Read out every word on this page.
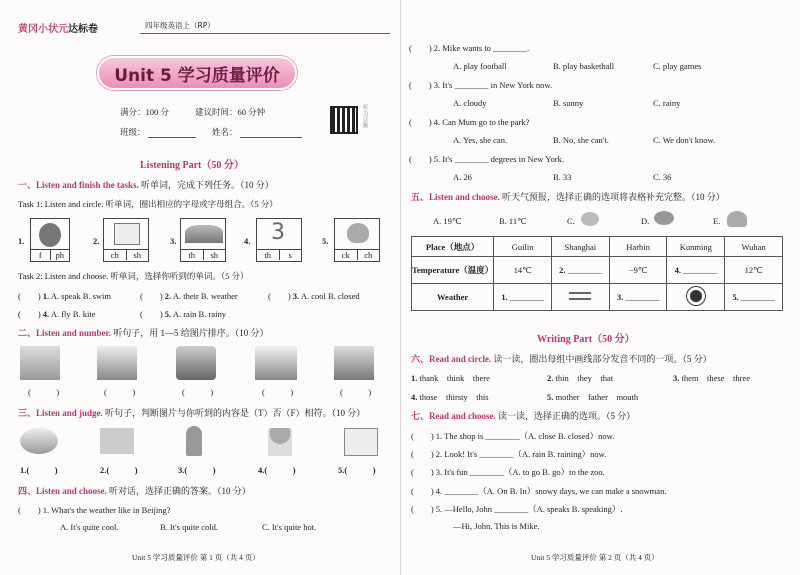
黄冈小状元 达标卷	四年级英语上（RP）
Unit 5 学习质量评价
满分：100 分	建议时间：60 分钟
班级：	姓名：
听力音频
Listening Part（50 分）
一、Listen and finish the tasks. 听单词，完成下列任务。（10 分）
Task 1: Listen and circle. 听单词，圈出相应的字母或字母组合。（5 分）
1.
f	ph
2.
ch	sh
3.
th	sh
4. 3
th	s
5.
ck	ch
Task 2: Listen and choose. 听单词，选择你听到的单词。（5 分）
(　　) 1. A. speak B. swim	(　　) 2. A. their B. weather	(　　) 3. A. cool B. closed
(　　) 4. A. fly B. kite	(　　) 5. A. rain B. rainy
二、Listen and number. 听句子，用 1—5 给图片排序。（10 分）
(　　　)	(　　　)	(　　　)	(　　　)	(　　　)
三、Listen and judge. 听句子，判断图片与你听到的内容是（T）否（F）相符。（10 分）
1.(　　　)	2.(　　　)	3.(　　　)	4.(　　　)	5.(　　　)
四、Listen and choose. 听对话，选择正确的答案。（10 分）
(　　) 1. What's the weather like in Beijing?
A. It's quite cool.	B. It's quite cold.	C. It's quite hot.
Unit 5 学习质量评价 第 1 页（共 4 页）
(　　) 2. Mike wants to ________.
A. play football	B. play basketball	C. play games
(　　) 3. It's ________ in New York now.
A. cloudy	B. sunny	C. rainy
(　　) 4. Can Mum go to the park?
A. Yes, she can.	B. No, she can't.	C. We don't know.
(　　) 5. It's ________ degrees in New York.
A. 26	B. 33	C. 36
五、Listen and choose. 听天气预报，选择正确的选项将表格补充完整。（10 分）
A. 19℃	B. 11℃	C.	D.	E.
Place（地点）	Guilin	Shanghai	Harbin	Kunming	Wuhan
Temperature（温度）	14℃	2. ________	−9℃	4. ________	12℃
Weather	1. ________		3. ________		5. ________
Writing Part（50 分）
六、Read and circle. 读一读，圈出每组中画线部分发音不同的一项。（5 分）
1. thank　 think　 there	2. thin　 they　 that	3. them　 these　 three
4. those　 thirsty　 this	5. mother　 father　 mouth
七、Read and choose. 读一读，选择正确的选项。（5 分）
(　　) 1. The shop is ________（A. close B. closed）now.
(　　) 2. Look! It's ________（A. rain B. raining）now.
(　　) 3. It's fun ________（A. to go B. go）to the zoo.
(　　) 4. ________（A. On B. In）snowy days, we can make a snowman.
(　　) 5. —Hello, John ________（A. speaks B. speaking）.
—Hi, John. This is Mike.
Unit 5 学习质量评价 第 2 页（共 4 页）
